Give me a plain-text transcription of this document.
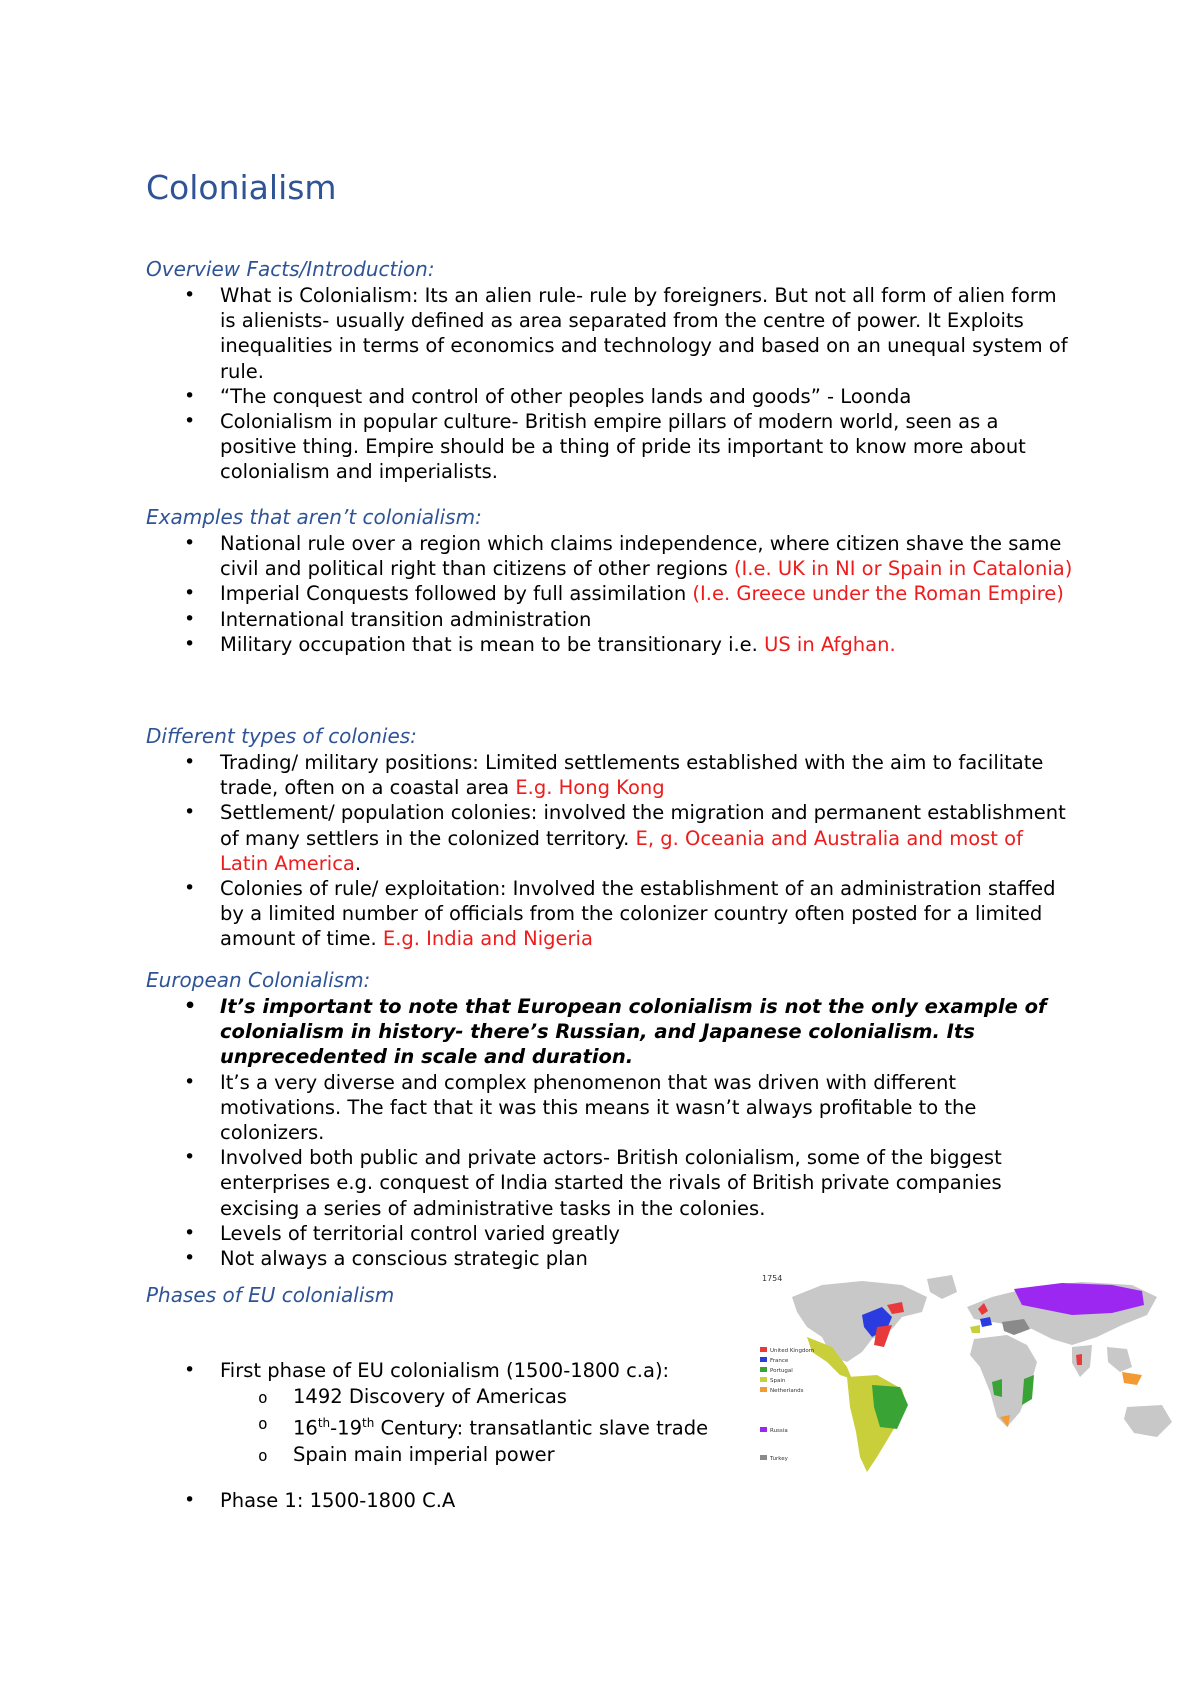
Colonialism

Overview Facts/Introduction:

• What is Colonialism: Its an alien rule- rule by foreigners. But not all form of alien form is alienists- usually defined as area separated from the centre of power. It Exploits inequalities in terms of economics and technology and based on an unequal system of rule.
• “The conquest and control of other peoples lands and goods” - Loonda
• Colonialism in popular culture- British empire pillars of modern world, seen as a positive thing. Empire should be a thing of pride its important to know more about colonialism and imperialists.

Examples that aren’t colonialism:

• National rule over a region which claims independence, where citizen shave the same civil and political right than citizens of other regions (I.e. UK in NI or Spain in Catalonia)
• Imperial Conquests followed by full assimilation (I.e. Greece under the Roman Empire)
• International transition administration
• Military occupation that is mean to be transitionary i.e. US in Afghan.

Different types of colonies:

• Trading/ military positions: Limited settlements established with the aim to facilitate trade, often on a coastal area E.g. Hong Kong
• Settlement/ population colonies: involved the migration and permanent establishment of many settlers in the colonized territory. E, g. Oceania and Australia and most of Latin America.
• Colonies of rule/ exploitation: Involved the establishment of an administration staffed by a limited number of officials from the colonizer country often posted for a limited amount of time. E.g. India and Nigeria

European Colonialism:

• It’s important to note that European colonialism is not the only example of colonialism in history- there’s Russian, and Japanese colonialism. Its unprecedented in scale and duration.
• It’s a very diverse and complex phenomenon that was driven with different motivations. The fact that it was this means it wasn’t always profitable to the colonizers.
• Involved both public and private actors- British colonialism, some of the biggest enterprises e.g. conquest of India started the rivals of British private companies excising a series of administrative tasks in the colonies.
• Levels of territorial control varied greatly
• Not always a conscious strategic plan

Phases of EU colonialism

• First phase of EU colonialism (1500-1800 c.a):
o 1492 Discovery of Americas
o 16th-19th Century: transatlantic slave trade
o Spain main imperial power
• Phase 1: 1500-1800 C.A
1754
United Kingdom
France
Portugal
Spain
Netherlands
Russia
Turkey
